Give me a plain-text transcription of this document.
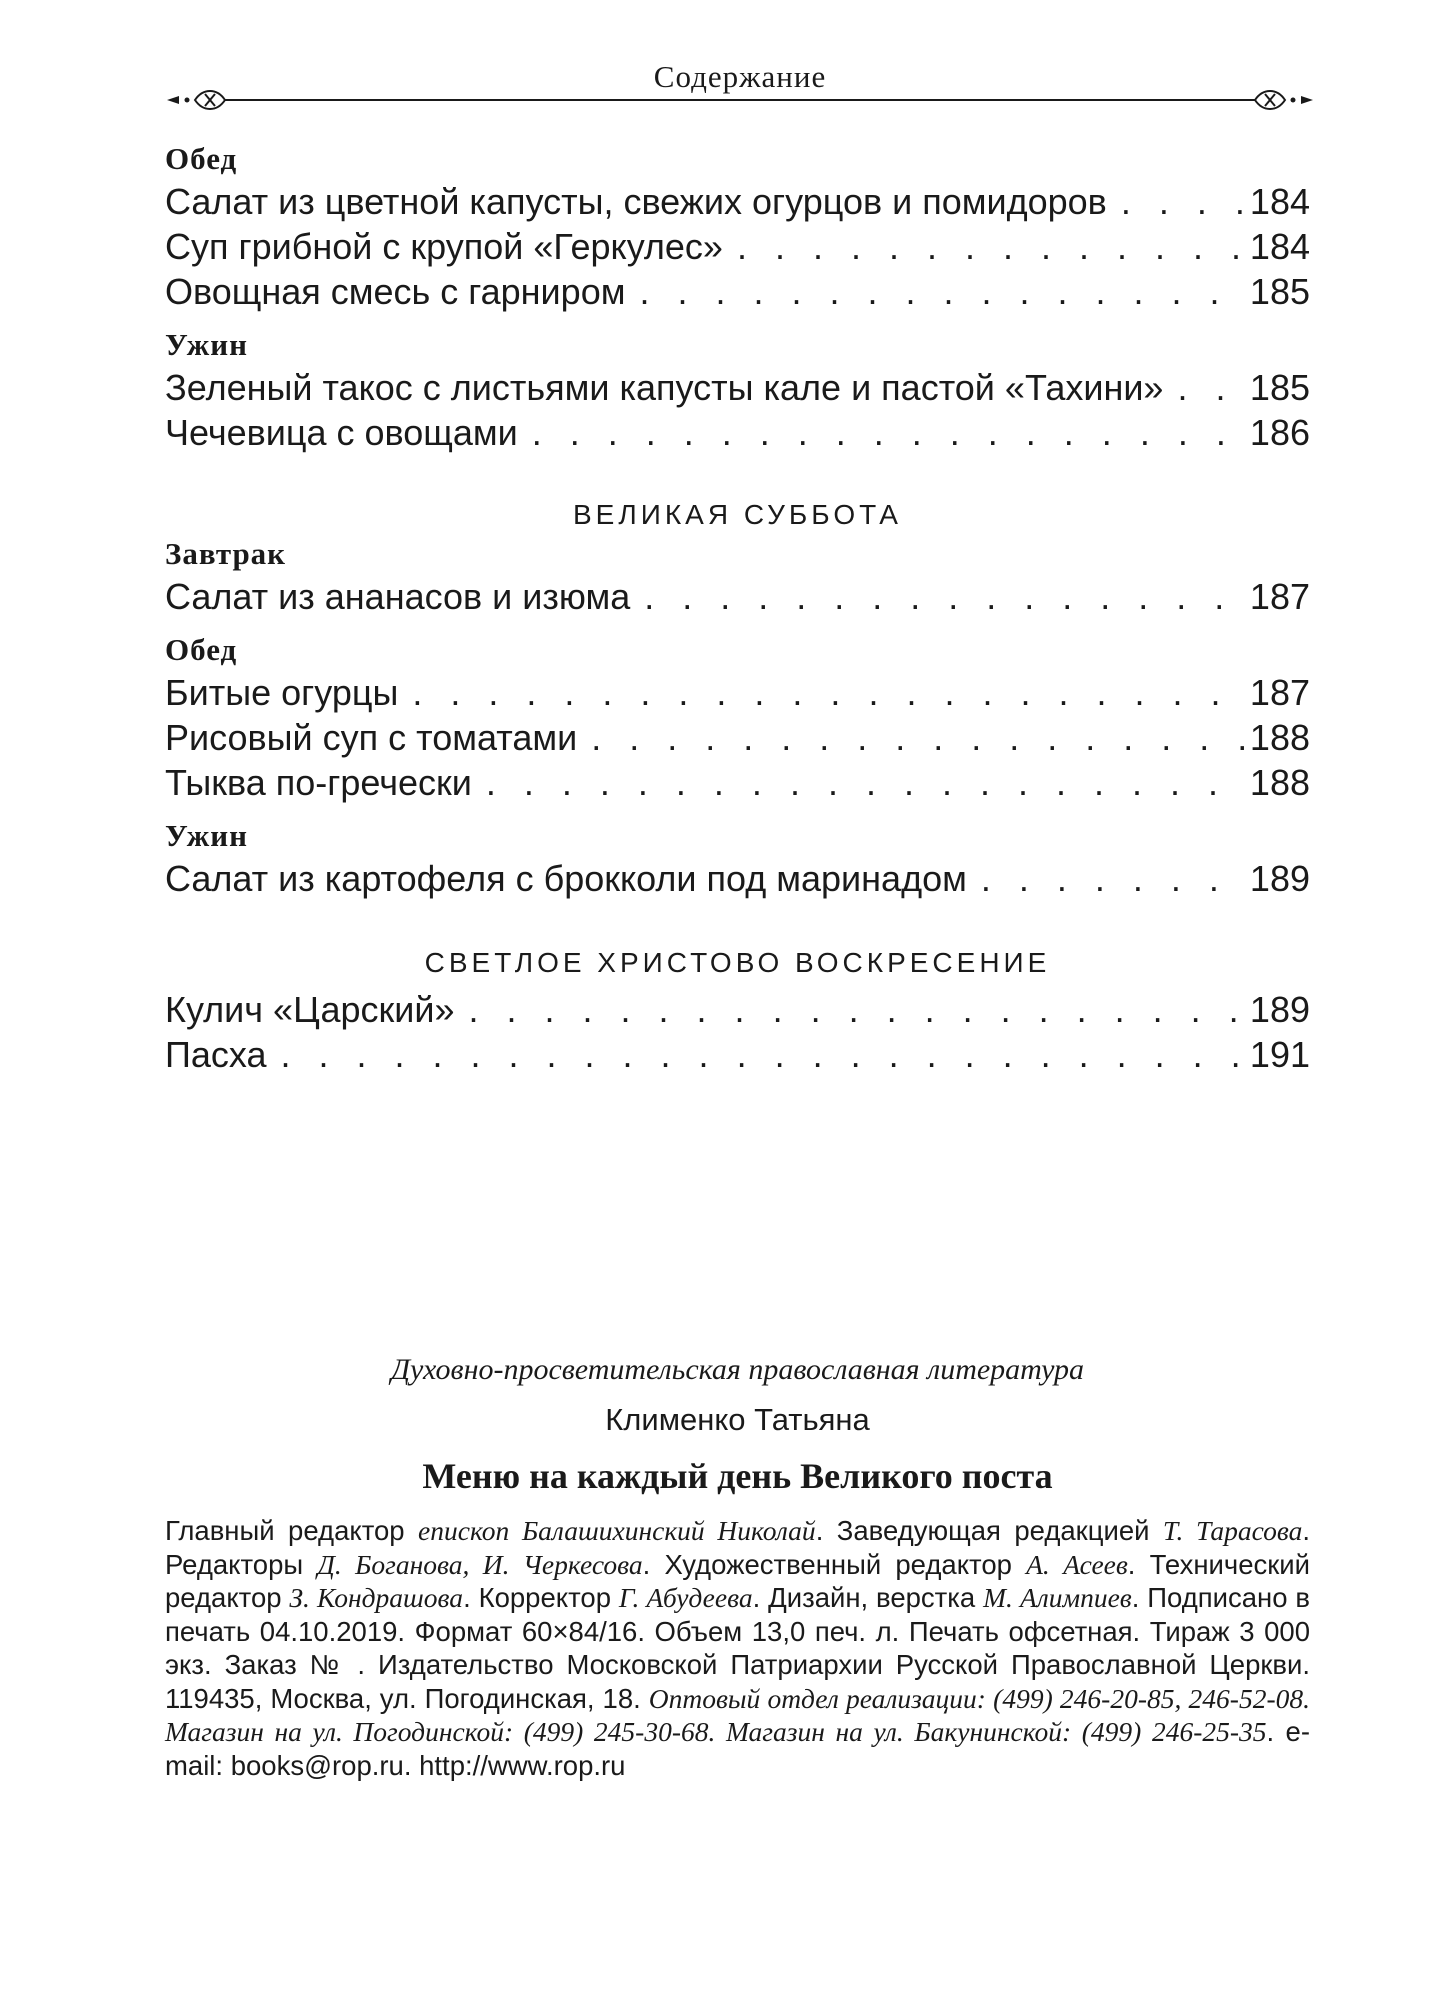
Содержание
Обед
Салат из цветной капусты, свежих огурцов и помидоров . . .	184
Суп грибной с крупой «Геркулес» . . .	184
Овощная смесь с гарниром . . .	185
Ужин
Зеленый такос с листьями капусты кале и пастой «Тахини» . . . 185
Чечевица с овощами . . .	186
ВЕЛИКАЯ СУББОТА
Завтрак
Салат из ананасов и изюма . . .	187
Обед
Битые огурцы . . .	187
Рисовый суп с томатами . . .	188
Тыква по-гречески . . .	188
Ужин
Салат из картофеля с брокколи под маринадом . . .	189
СВЕТЛОЕ ХРИСТОВО ВОСКРЕСЕНИЕ
Кулич «Царский» . . .	189
Пасха . . .	191
Духовно-просветительская православная литература
Клименко Татьяна
Меню на каждый день Великого поста
Главный редактор епископ Балашихинский Николай. Заведующая редакцией Т. Тарасова. Редакторы Д. Боганова, И. Черкесова. Художественный редактор А. Асеев. Технический редактор З. Кондрашова. Корректор Г. Абудеева. Дизайн, верстка М. Алимпиев. Подписано в печать 04.10.2019. Формат 60×84/16. Объем 13,0 печ. л. Печать офсетная. Тираж 3 000 экз. Заказ № . Издательство Московской Патриархии Русской Православной Церкви. 119435, Москва, ул. Погодинская, 18. Оптовый отдел реализации: (499) 246-20-85, 246-52-08. Магазин на ул. Погодинской: (499) 245-30-68. Магазин на ул. Бакунинской: (499) 246-25-35. e-mail: books@rop.ru. http://www.rop.ru
